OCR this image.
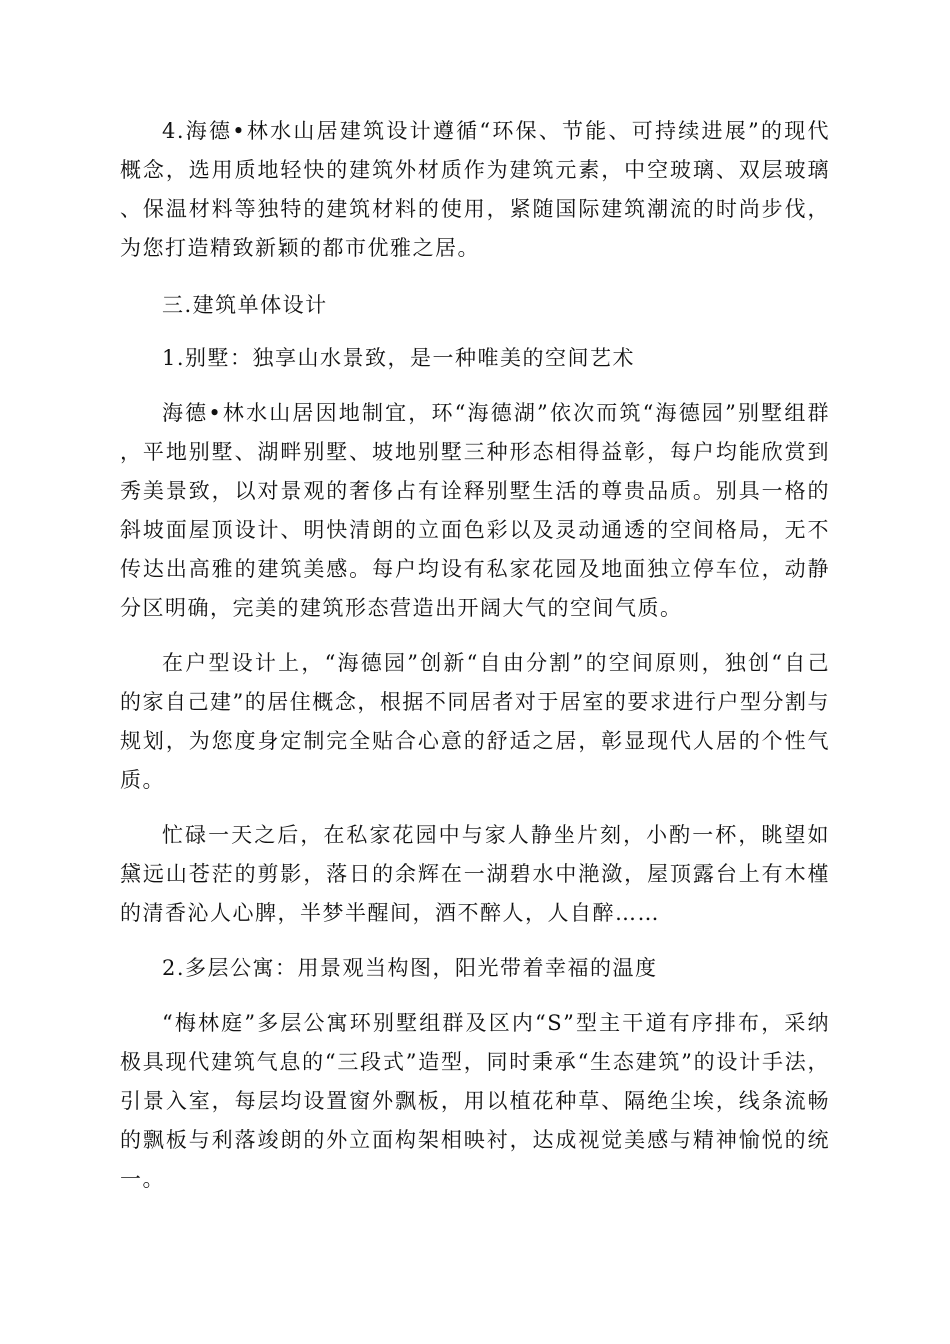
4.海德•林水山居建筑设计遵循“环保、节能、可持续进展”的现代概念，选用质地轻快的建筑外材质作为建筑元素，中空玻璃、双层玻璃、保温材料等独特的建筑材料的使用，紧随国际建筑潮流的时尚步伐，为您打造精致新颖的都市优雅之居。

三.建筑单体设计

1.别墅：独享山水景致，是一种唯美的空间艺术

海德•林水山居因地制宜，环“海德湖”依次而筑“海德园”别墅组群，平地别墅、湖畔别墅、坡地别墅三种形态相得益彰，每户均能欣赏到秀美景致，以对景观的奢侈占有诠释别墅生活的尊贵品质。别具一格的斜坡面屋顶设计、明快清朗的立面色彩以及灵动通透的空间格局，无不传达出高雅的建筑美感。每户均设有私家花园及地面独立停车位，动静分区明确，完美的建筑形态营造出开阔大气的空间气质。

在户型设计上，“海德园”创新“自由分割”的空间原则，独创“自己的家自己建”的居住概念，根据不同居者对于居室的要求进行户型分割与规划，为您度身定制完全贴合心意的舒适之居，彰显现代人居的个性气质。

忙碌一天之后，在私家花园中与家人静坐片刻，小酌一杯，眺望如黛远山苍茫的剪影，落日的余辉在一湖碧水中滟潋，屋顶露台上有木槿的清香沁人心脾，半梦半醒间，酒不醉人，人自醉……

2.多层公寓：用景观当构图，阳光带着幸福的温度

“梅林庭”多层公寓环别墅组群及区内“S”型主干道有序排布，采纳极具现代建筑气息的“三段式”造型，同时秉承“生态建筑”的设计手法，引景入室，每层均设置窗外飘板，用以植花种草、隔绝尘埃，线条流畅的飘板与利落竣朗的外立面构架相映衬，达成视觉美感与精神愉悦的统一。
